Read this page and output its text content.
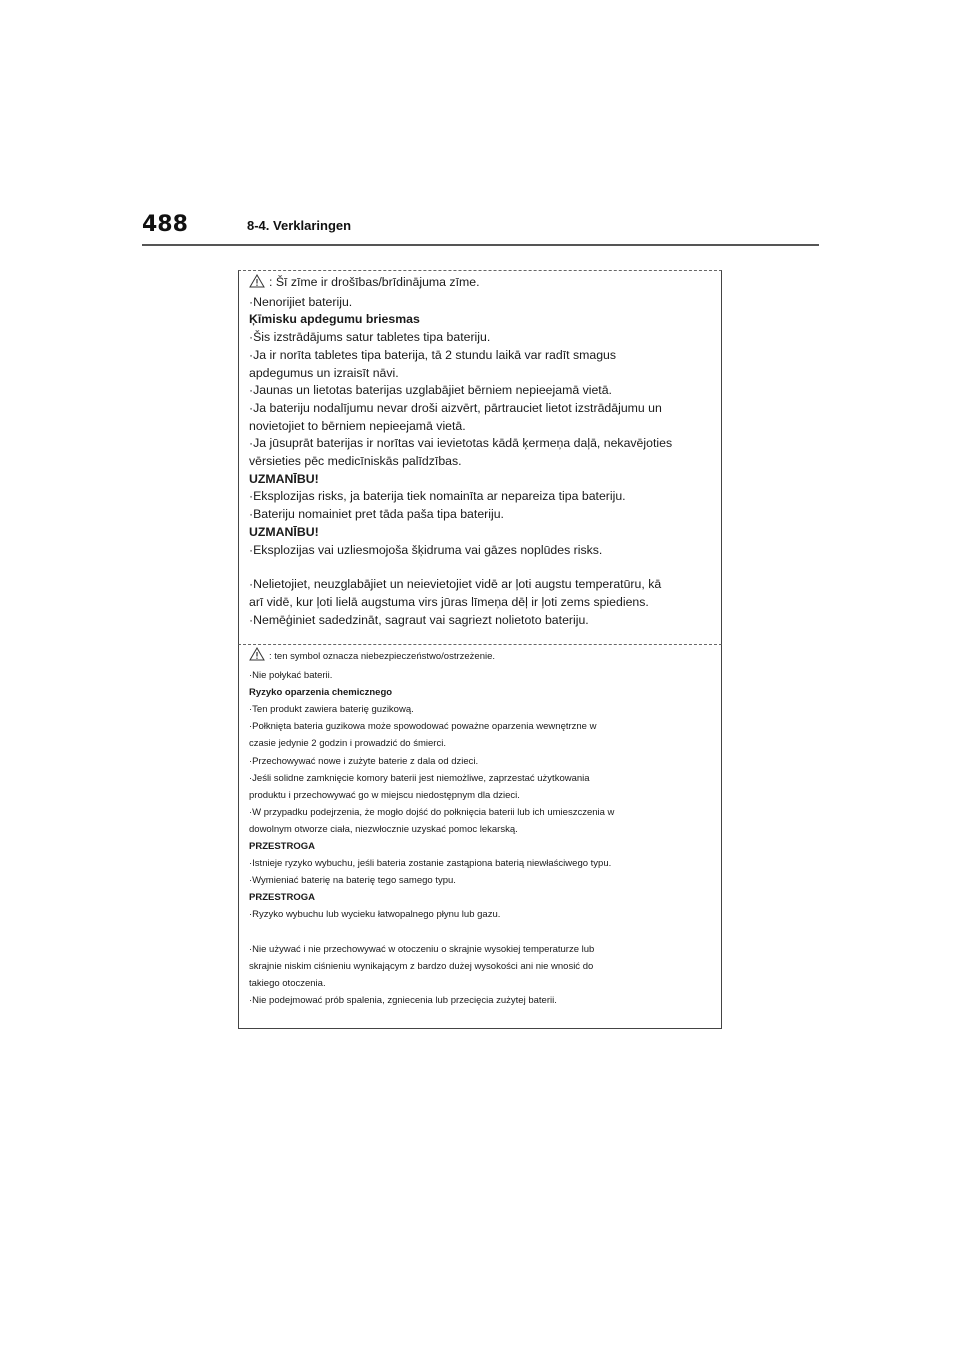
488	8-4. Verklaringen
: Šī zīme ir drošības/brīdinājuma zīme.
·Nenorijiet bateriju.
Ķīmisku apdegumu briesmas
·Šis izstrādājums satur tabletes tipa bateriju.
·Ja ir norīta tabletes tipa baterija, tā 2 stundu laikā var radīt smagus
apdegumus un izraisīt nāvi.
·Jaunas un lietotas baterijas uzglabājiet bērniem nepieejamā vietā.
·Ja bateriju nodalījumu nevar droši aizvērt, pārtrauciet lietot izstrādājumu un
novietojiet to bērniem nepieejamā vietā.
·Ja jūsuprāt baterijas ir norītas vai ievietotas kādā ķermeņa daļā, nekavējoties
vērsieties pēc medicīniskās palīdzības.
UZMANĪBU!
·Eksplozijas risks, ja baterija tiek nomainīta ar nepareiza tipa bateriju.
·Bateriju nomainiet pret tāda paša tipa bateriju.
UZMANĪBU!
·Eksplozijas vai uzliesmojoša šķidruma vai gāzes noplūdes risks.
·Nelietojiet, neuzglabājiet un neievietojiet vidē ar ļoti augstu temperatūru, kā
arī vidē, kur ļoti lielā augstuma virs jūras līmeņa dēļ ir ļoti zems spiediens.
·Nemēģiniet sadedzināt, sagraut vai sagriezt nolietoto bateriju.
: ten symbol oznacza niebezpieczeństwo/ostrzeżenie.
·Nie połykać baterii.
Ryzyko oparzenia chemicznego
·Ten produkt zawiera baterię guzikową.
·Połknięta bateria guzikowa może spowodować poważne oparzenia wewnętrzne w
czasie jedynie 2 godzin i prowadzić do śmierci.
·Przechowywać nowe i zużyte baterie z dala od dzieci.
·Jeśli solidne zamknięcie komory baterii jest niemożliwe, zaprzestać użytkowania
produktu i przechowywać go w miejscu niedostępnym dla dzieci.
·W przypadku podejrzenia, że mogło dojść do połknięcia baterii lub ich umieszczenia w
dowolnym otworze ciała, niezwłocznie uzyskać pomoc lekarską.
PRZESTROGA
·Istnieje ryzyko wybuchu, jeśli bateria zostanie zastąpiona baterią niewłaściwego typu.
·Wymieniać baterię na baterię tego samego typu.
PRZESTROGA
·Ryzyko wybuchu lub wycieku łatwopalnego płynu lub gazu.
·Nie używać i nie przechowywać w otoczeniu o skrajnie wysokiej temperaturze lub
skrajnie niskim ciśnieniu wynikającym z bardzo dużej wysokości ani nie wnosić do
takiego otoczenia.
·Nie podejmować prób spalenia, zgniecenia lub przecięcia zużytej baterii.
